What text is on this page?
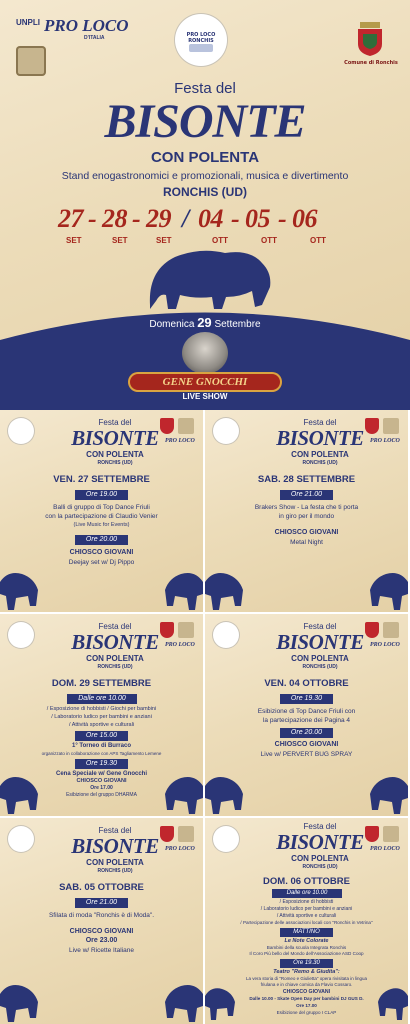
UNPLI PRO LOCO
D'ITALIA	PRO LOCO RONCHIS
Comune di Ronchis
Festa del
BISONTE
CON POLENTA
Stand enogastronomici e promozionali, musica e divertimento
RONCHIS (UD)
27 - 28 - 29 / 04 - 05 - 06
SET	SET	SET	OTT	OTT	OTT
Domenica 29 Settembre
GENE GNOCCHI
LIVE SHOW
Festa del
BISONTE
CON POLENTA
RONCHIS (UD)
PRO LOCO
VEN. 27 SETTEMBRE
Ore 19.00
Balli di gruppo di Top Dance Friuli
con la partecipazione di Claudio Venier
(Live Music for Events)
Ore 20.00
CHIOSCO GIOVANI
Deejay set w/ Dj Pippo
Festa del
BISONTE
CON POLENTA
RONCHIS (UD)
PRO LOCO
SAB. 28 SETTEMBRE
Ore 21.00
Brakers Show - La festa che ti porta
in giro per il mondo
CHIOSCO GIOVANI
Metal Night
Festa del
BISONTE
CON POLENTA
RONCHIS (UD)
PRO LOCO
DOM. 29 SETTEMBRE
Dalle ore 10.00
/ Esposizione di hobbisti / Giochi per bambini
/ Laboratorio ludico per bambini e anziani
/ Attività sportive e culturali
Ore 15.00
1° Torneo di Burraco
organizzato in collaborazione con APS Tagliamento Lemene
Ore 19.30
Cena Speciale w/ Gene Gnocchi
CHIOSCO GIOVANI
Ore 17.00
Esibizione del gruppo DHARMA
Festa del
BISONTE
CON POLENTA
RONCHIS (UD)
PRO LOCO
VEN. 04 OTTOBRE
Ore 19.30
Esibizione di Top Dance Friuli con
la partecipazione dei Pagina 4
Ore 20.00
CHIOSCO GIOVANI
Live w/ PERVERT BUG SPRAY
Festa del
BISONTE
CON POLENTA
RONCHIS (UD)
PRO LOCO
SAB. 05 OTTOBRE
Ore 21.00
Sfilata di moda "Ronchis è di Moda".
CHIOSCO GIOVANI
Ore 23.00
Live w/ Ricette Italiane
Festa del
BISONTE
CON POLENTA
RONCHIS (UD)
PRO LOCO
DOM. 06 OTTOBRE
Dalle ore 10.00
/ Esposizione di hobbisti
/ Laboratorio ludico per bambini e anziani
/ Attività sportive e culturali
/ Partecipazione delle associazioni locali con "Ronchis in Vetrina"
MATTINO
Le Note Colorate
Bambini della scuola Integrata Ronchis
Il Coro Più bello del Mondo dell'Associazione ASD Coop
Ore 19.30
Teatro "Remo & Giudita":
La vera storia di "Romeo e Giulietta" opera rivisitata in lingua
friulana e in chiave comica da Flavio Cossaro.
CHIOSCO GIOVANI
Dalle 10.00 - Skate Open Day per bambini DJ GUS D.
Ore 17.00
Esibizione del gruppo I CLAP
